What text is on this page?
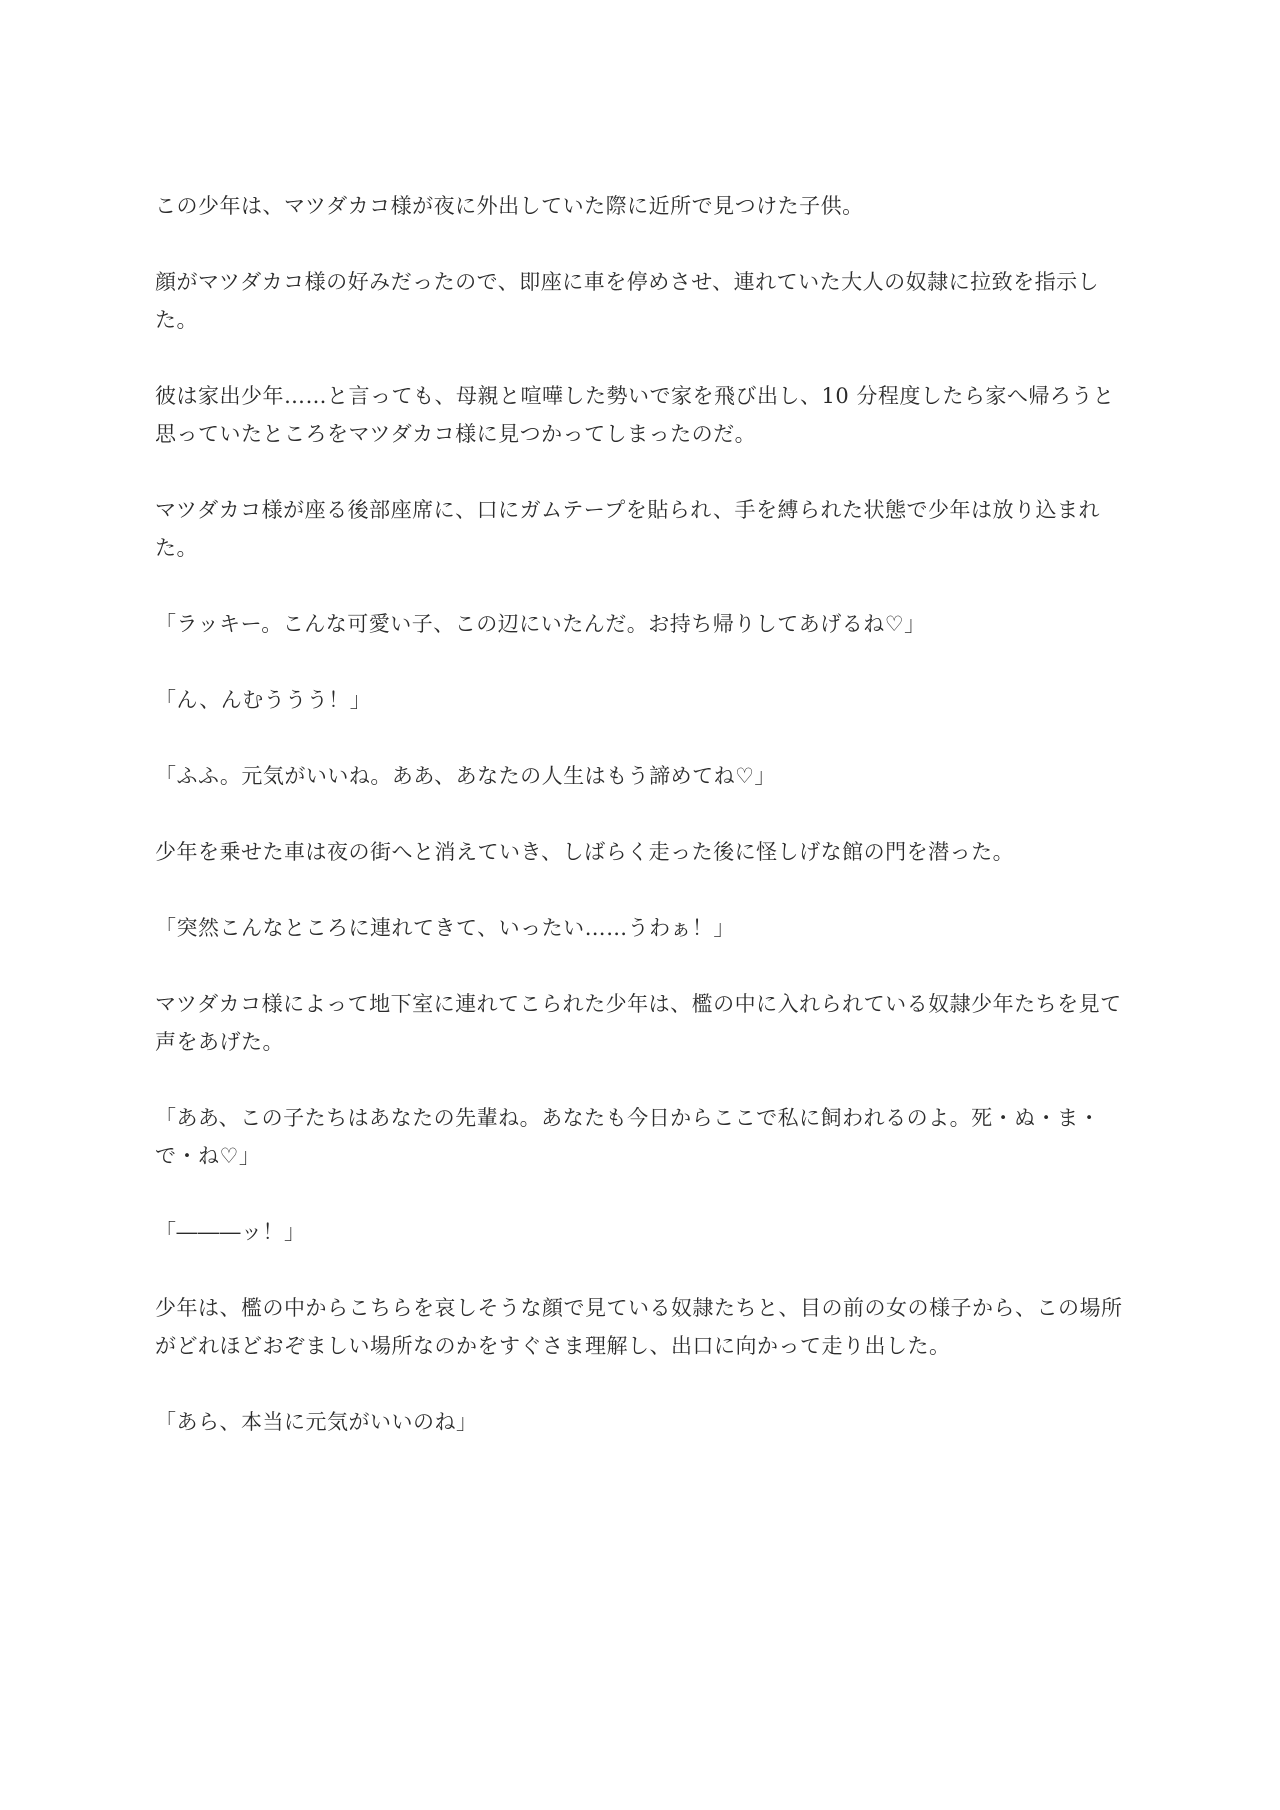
この少年は、マツダカコ様が夜に外出していた際に近所で見つけた子供。

顔がマツダカコ様の好みだったので、即座に車を停めさせ、連れていた大人の奴隷に拉致を指示した。

彼は家出少年……と言っても、母親と喧嘩した勢いで家を飛び出し、10 分程度したら家へ帰ろうと思っていたところをマツダカコ様に見つかってしまったのだ。

マツダカコ様が座る後部座席に、口にガムテープを貼られ、手を縛られた状態で少年は放り込まれた。

「ラッキー。こんな可愛い子、この辺にいたんだ。お持ち帰りしてあげるね♡」

「ん、んむううう！」

「ふふ。元気がいいね。ああ、あなたの人生はもう諦めてね♡」

少年を乗せた車は夜の街へと消えていき、しばらく走った後に怪しげな館の門を潜った。

「突然こんなところに連れてきて、いったい……うわぁ！」

マツダカコ様によって地下室に連れてこられた少年は、檻の中に入れられている奴隷少年たちを見て声をあげた。

「ああ、この子たちはあなたの先輩ね。あなたも今日からここで私に飼われるのよ。死・ぬ・ま・で・ね♡」

「―――ッ！」

少年は、檻の中からこちらを哀しそうな顔で見ている奴隷たちと、目の前の女の様子から、この場所がどれほどおぞましい場所なのかをすぐさま理解し、出口に向かって走り出した。

「あら、本当に元気がいいのね」
